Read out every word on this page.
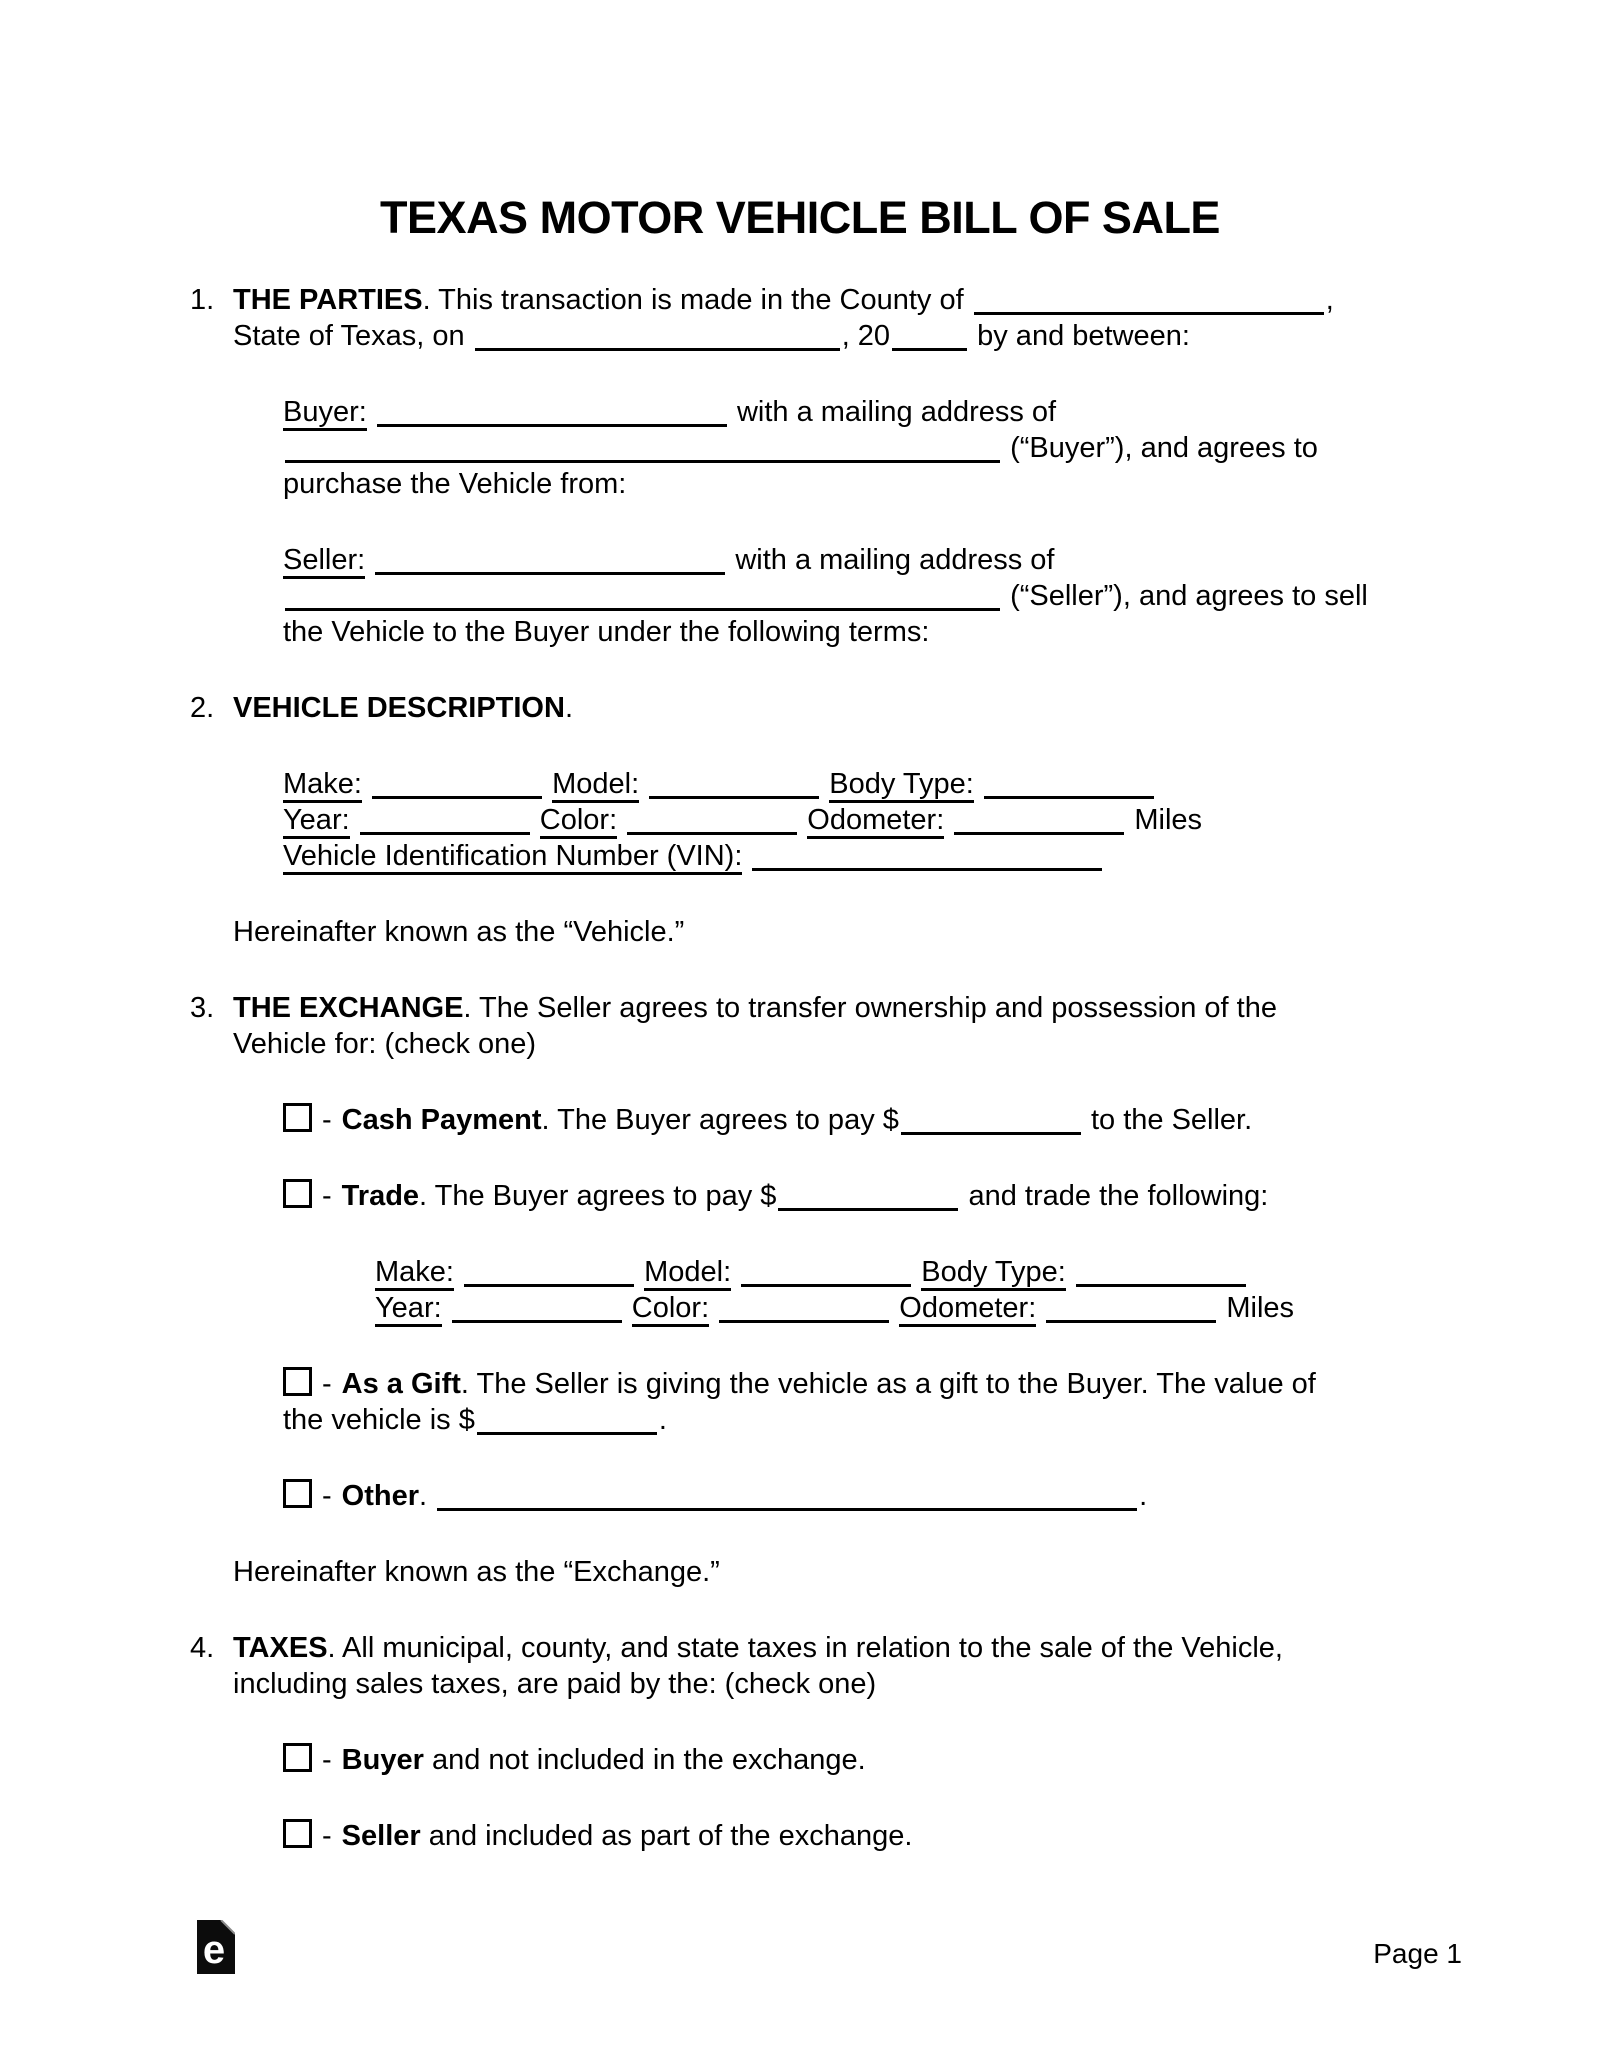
TEXAS MOTOR VEHICLE BILL OF SALE
1. THE PARTIES. This transaction is made in the County of	,
State of Texas, on	, 20	by and between:
Buyer:	with a mailing address of
(“Buyer”), and agrees to
purchase the Vehicle from:
Seller:	with a mailing address of
(“Seller”), and agrees to sell
the Vehicle to the Buyer under the following terms:
2. VEHICLE DESCRIPTION.
Make:	Model:	Body Type:
Year:	Color:	Odometer:	Miles
Vehicle Identification Number (VIN):
Hereinafter known as the “Vehicle.”
3. THE EXCHANGE. The Seller agrees to transfer ownership and possession of the
Vehicle for: (check one)
- Cash Payment. The Buyer agrees to pay $	to the Seller.
- Trade. The Buyer agrees to pay $	and trade the following:
Make:	Model:	Body Type:
Year:	Color:	Odometer:	Miles
- As a Gift. The Seller is giving the vehicle as a gift to the Buyer. The value of
the vehicle is $	.
- Other.	.
Hereinafter known as the “Exchange.”
4. TAXES. All municipal, county, and state taxes in relation to the sale of the Vehicle,
including sales taxes, are paid by the: (check one)
- Buyer and not included in the exchange.
- Seller and included as part of the exchange.
e	Page 1
